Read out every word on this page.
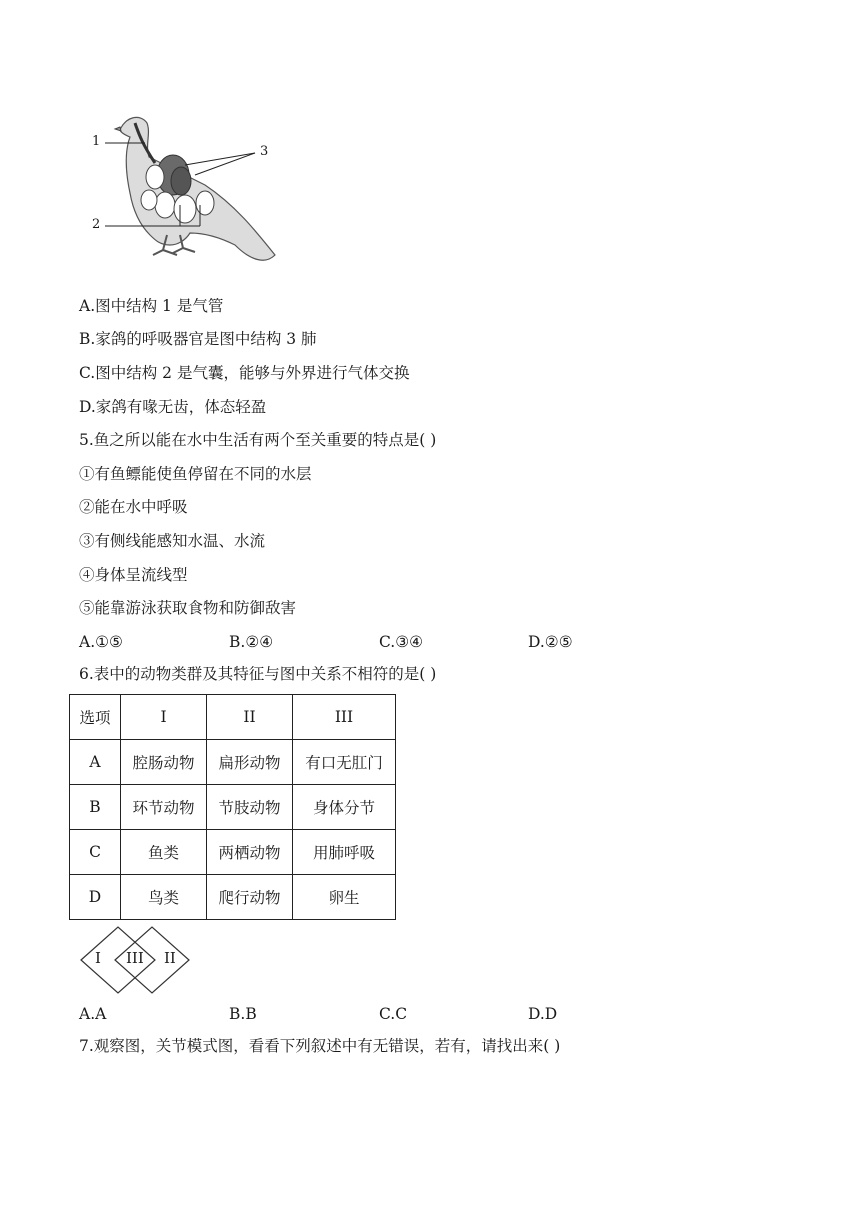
1
2
3
A.图中结构 1 是气管
B.家鸽的呼吸器官是图中结构 3 肺
C.图中结构 2 是气囊，能够与外界进行气体交换
D.家鸽有喙无齿，体态轻盈
5.鱼之所以能在水中生活有两个至关重要的特点是( )
①有鱼鳔能使鱼停留在不同的水层
②能在水中呼吸
③有侧线能感知水温、水流
④身体呈流线型
⑤能靠游泳获取食物和防御敌害
A.①⑤	B.②④	C.③④	D.②⑤
6.表中的动物类群及其特征与图中关系不相符的是( )
选项	I	II	III
A	腔肠动物	扁形动物	有口无肛门
B	环节动物	节肢动物	身体分节
C	鱼类	两栖动物	用肺呼吸
D	鸟类	爬行动物	卵生
I III II
A.A	B.B	C.C	D.D
7.观察图，关节模式图，看看下列叙述中有无错误，若有，请找出来( )
